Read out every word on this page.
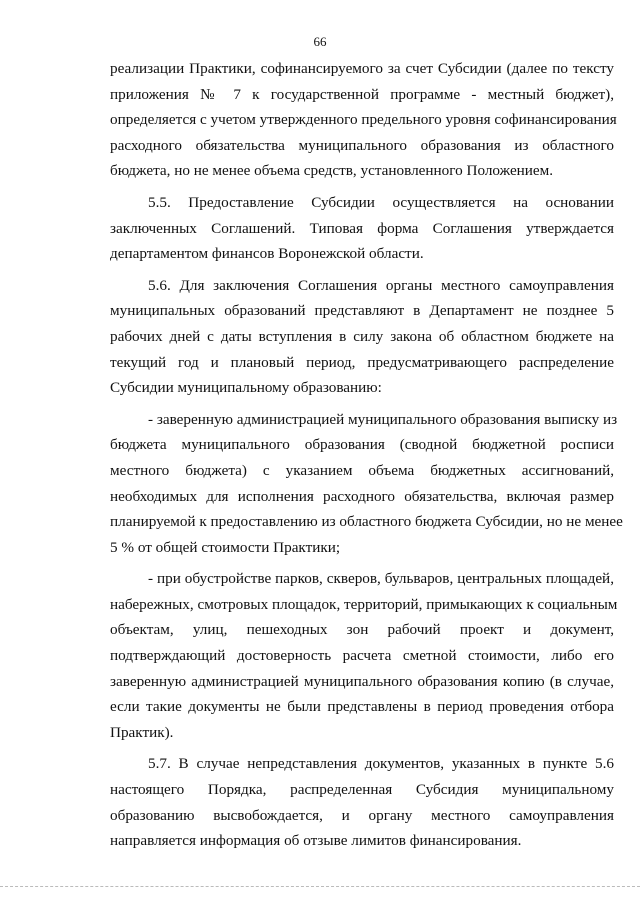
66
реализации Практики, софинансируемого за счет Субсидии (далее по тексту
приложения № 7 к государственной программе - местный бюджет),
определяется с учетом утвержденного предельного уровня софинансирования
расходного обязательства муниципального образования из областного
бюджета, но не менее объема средств, установленного Положением.
5.5. Предоставление Субсидии осуществляется на основании
заключенных Соглашений. Типовая форма Соглашения утверждается
департаментом финансов Воронежской области.
5.6. Для заключения Соглашения органы местного самоуправления
муниципальных образований представляют в Департамент не позднее 5
рабочих дней с даты вступления в силу закона об областном бюджете на
текущий год и плановый период, предусматривающего распределение
Субсидии муниципальному образованию:
- заверенную администрацией муниципального образования выписку из
бюджета муниципального образования (сводной бюджетной росписи
местного бюджета) с указанием объема бюджетных ассигнований,
необходимых для исполнения расходного обязательства, включая размер
планируемой к предоставлению из областного бюджета Субсидии, но не менее
5 % от общей стоимости Практики;
- при обустройстве парков, скверов, бульваров, центральных площадей,
набережных, смотровых площадок, территорий, примыкающих к социальным
объектам, улиц, пешеходных зон рабочий проект и документ,
подтверждающий достоверность расчета сметной стоимости, либо его
заверенную администрацией муниципального образования копию (в случае,
если такие документы не были представлены в период проведения отбора
Практик).
5.7. В случае непредставления документов, указанных в пункте 5.6
настоящего Порядка, распределенная Субсидия муниципальному
образованию высвобождается, и органу местного самоуправления
направляется информация об отзыве лимитов финансирования.
